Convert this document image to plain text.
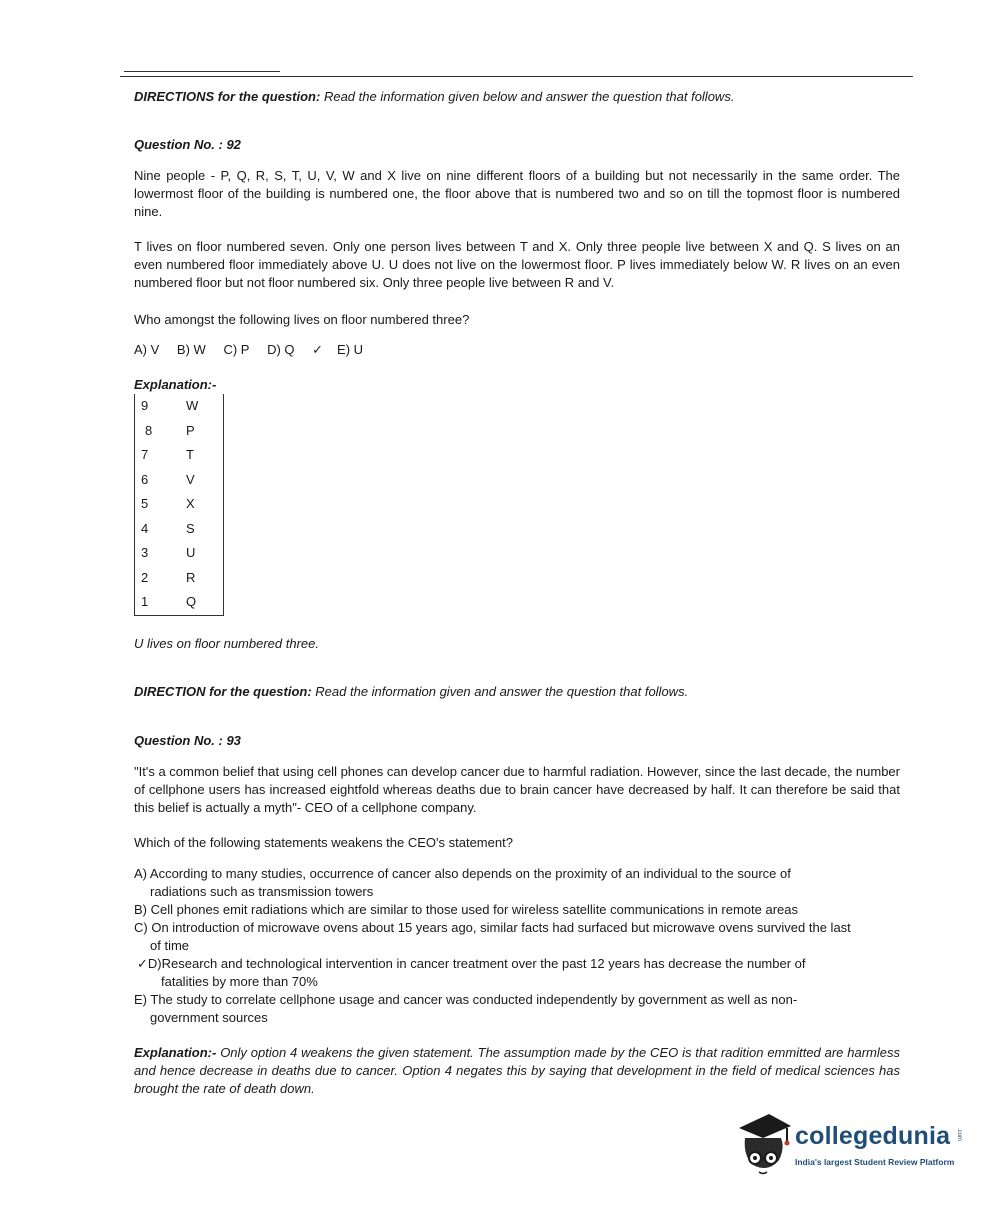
DIRECTIONS for the question: Read the information given below and answer the question that follows.
Question No. : 92
Nine people - P, Q, R, S, T, U, V, W and X live on nine different floors of a building but not necessarily in the same order. The lowermost floor of the building is numbered one, the floor above that is numbered two and so on till the topmost floor is numbered nine.
T lives on floor numbered seven. Only one person lives between T and X. Only three people live between X and Q. S lives on an even numbered floor immediately above U. U does not live on the lowermost floor. P lives immediately below W. R lives on an even numbered floor but not floor numbered six. Only three people live between R and V.
Who amongst the following lives on floor numbered three?
A) V B) W C) P D) Q ✓ E) U
Explanation:-
9	W
8	P
7	T
6	V
5	X
4	S
3	U
2	R
1	Q
U lives on floor numbered three.
DIRECTION for the question: Read the information given and answer the question that follows.
Question No. : 93
"It's a common belief that using cell phones can develop cancer due to harmful radiation. However, since the last decade, the number of cellphone users has increased eightfold whereas deaths due to brain cancer have decreased by half. It can therefore be said that this belief is actually a myth"- CEO of a cellphone company.
Which of the following statements weakens the CEO's statement?
A) According to many studies, occurrence of cancer also depends on the proximity of an individual to the source of
radiations such as transmission towers
B) Cell phones emit radiations which are similar to those used for wireless satellite communications in remote areas
C) On introduction of microwave ovens about 15 years ago, similar facts had surfaced but microwave ovens survived the last
of time
✓D)Research and technological intervention in cancer treatment over the past 12 years has decrease the number of
fatalities by more than 70%
E) The study to correlate cellphone usage and cancer was conducted independently by government as well as non-
government sources
Explanation:- Only option 4 weakens the given statement. The assumption made by the CEO is that radition emmitted are harmless and hence decrease in deaths due to cancer. Option 4 negates this by saying that development in the field of medical sciences has brought the rate of death down.
collegedunia .com
India's largest Student Review Platform
